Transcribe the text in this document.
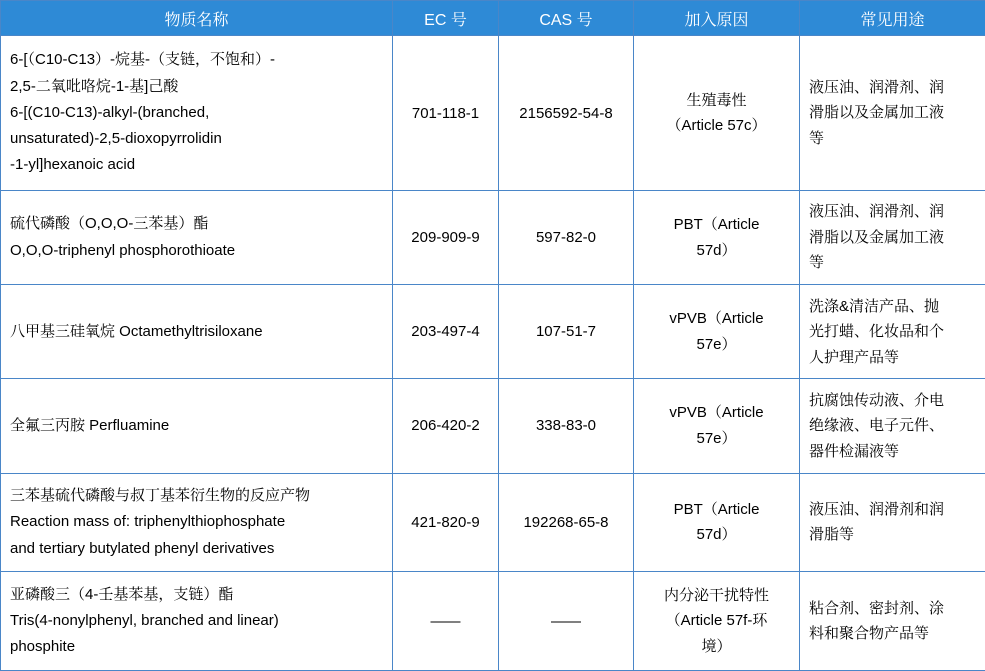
物质名称	EC 号	CAS 号	加入原因	常见用途

6-[（C10-C13）-烷基-（支链，不饱和）-
2,5-二氧吡咯烷-1-基]己酸
6-[(C10-C13)-alkyl-(branched,
unsaturated)-2,5-dioxopyrrolidin
-1-yl]hexanoic acid	701-118-1	2156592-54-8	生殖毒性
（Article 57c）	液压油、润滑剂、润
滑脂以及金属加工液
等

硫代磷酸（O,O,O-三苯基）酯
O,O,O-triphenyl phosphorothioate	209-909-9	597-82-0	PBT（Article
57d）	液压油、润滑剂、润
滑脂以及金属加工液
等

八甲基三硅氧烷 Octamethyltrisiloxane	203-497-4	107-51-7	vPVB（Article
57e）	洗涤&清洁产品、抛
光打蜡、化妆品和个
人护理产品等

全氟三丙胺 Perfluamine	206-420-2	338-83-0	vPVB（Article
57e）	抗腐蚀传动液、介电
绝缘液、电子元件、
器件检漏液等

三苯基硫代磷酸与叔丁基苯衍生物的反应产物
Reaction mass of: triphenylthiophosphate
and tertiary butylated phenyl derivatives	421-820-9	192268-65-8	PBT（Article
57d）	液压油、润滑剂和润
滑脂等

亚磷酸三（4-壬基苯基，支链）酯
Tris(4-nonylphenyl, branched and linear)
phosphite	——	——	内分泌干扰特性
（Article 57f-环
境）	粘合剂、密封剂、涂
料和聚合物产品等
